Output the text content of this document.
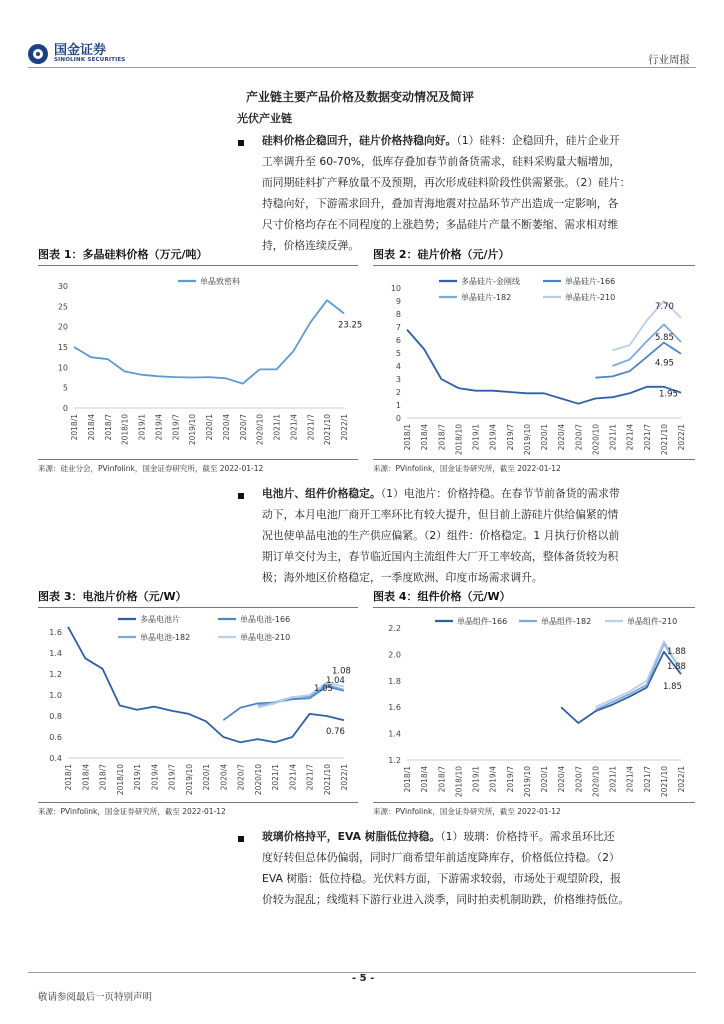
国金证券
SINOLINK SECURITIES	行业周报
产业链主要产品价格及数据变动情况及简评
光伏产业链
硅料价格企稳回升，硅片价格持稳向好。（1）硅料：企稳回升，硅片企业开
工率调升至 60-70%，低库存叠加春节前备货需求，硅料采购量大幅增加，
而同期硅料扩产释放量不及预期，再次形成硅料阶段性供需紧张。（2）硅片：
持稳向好，下游需求回升，叠加青海地震对拉晶环节产出造成一定影响，各
尺寸价格均存在不同程度的上涨趋势；多晶硅片产量不断萎缩、需求相对维
持，价格连续反弹。
图表 1：多晶硅料价格（万元/吨）	图表 2：硅片价格（元/片）
0
5
10
15
20
25
30
2018/1 2018/4 2018/7 2018/10 2019/1 2019/4 2019/7 2019/10 2020/1 2020/4 2020/7 2020/10 2021/1 2021/4 2021/7 2021/10 2022/1
单晶致密料
23.25
0
1
2
3
4
5
6
7
8
9
10
2018/1 2018/4 2018/7 2018/10 2019/1 2019/4 2019/7 2019/10 2020/1 2020/4 2020/7 2020/10 2021/1 2021/4 2021/7 2021/10 2022/1
多晶硅片-金刚线	单晶硅片-166
单晶硅片-182	单晶硅片-210
7.70
5.85
4.95
1.95
来源：硅业分会，PVinfolink，国金证券研究所，截至 2022-01-12	来源：PVinfolink，国金证券研究所，截至 2022-01-12
电池片、组件价格稳定。（1）电池片：价格持稳。在春节节前备货的需求带
动下，本月电池厂商开工率环比有较大提升，但目前上游硅片供给偏紧的情
况也使单晶电池的生产供应偏紧。（2）组件：价格稳定。1 月执行价格以前
期订单交付为主，春节临近国内主流组件大厂开工率较高，整体备货较为积
极；海外地区价格稳定，一季度欧洲、印度市场需求调升。
图表 3：电池片价格（元/W）	图表 4：组件价格（元/W）
0.4
0.6
0.8
1.0
1.2
1.4
1.6
2018/1 2018/4 2018/7 2018/10 2019/1 2019/4 2019/7 2019/10 2020/1 2020/4 2020/7 2020/10 2021/1 2021/4 2021/7 2021/10 2022/1
多晶电池片	单晶电池-166
单晶电池-182	单晶电池-210
1.08
1.05
1.04
0.76
1.2
1.4
1.6
1.8
2.0
2.2
2018/1 2018/4 2018/7 2018/10 2019/1 2019/4 2019/7 2019/10 2020/1 2020/4 2020/7 2020/10 2021/1 2021/4 2021/7 2021/10 2022/1
单晶组件-166	单晶组件-182	单晶组件-210
1.88
1.88
1.85
来源：PVinfolink，国金证券研究所，截至 2022-01-12	来源：PVinfolink，国金证券研究所，截至 2022-01-12
玻璃价格持平，EVA 树脂低位持稳。（1）玻璃：价格持平。需求虽环比还
度好转但总体仍偏弱，同时厂商希望年前适度降库存，价格低位持稳。（2）
EVA 树脂：低位持稳。光伏料方面，下游需求较弱，市场处于观望阶段，报
价较为混乱；线缆料下游行业进入淡季，同时拍卖机制助跌，价格维持低位。
- 5 -
敬请参阅最后一页特别声明
